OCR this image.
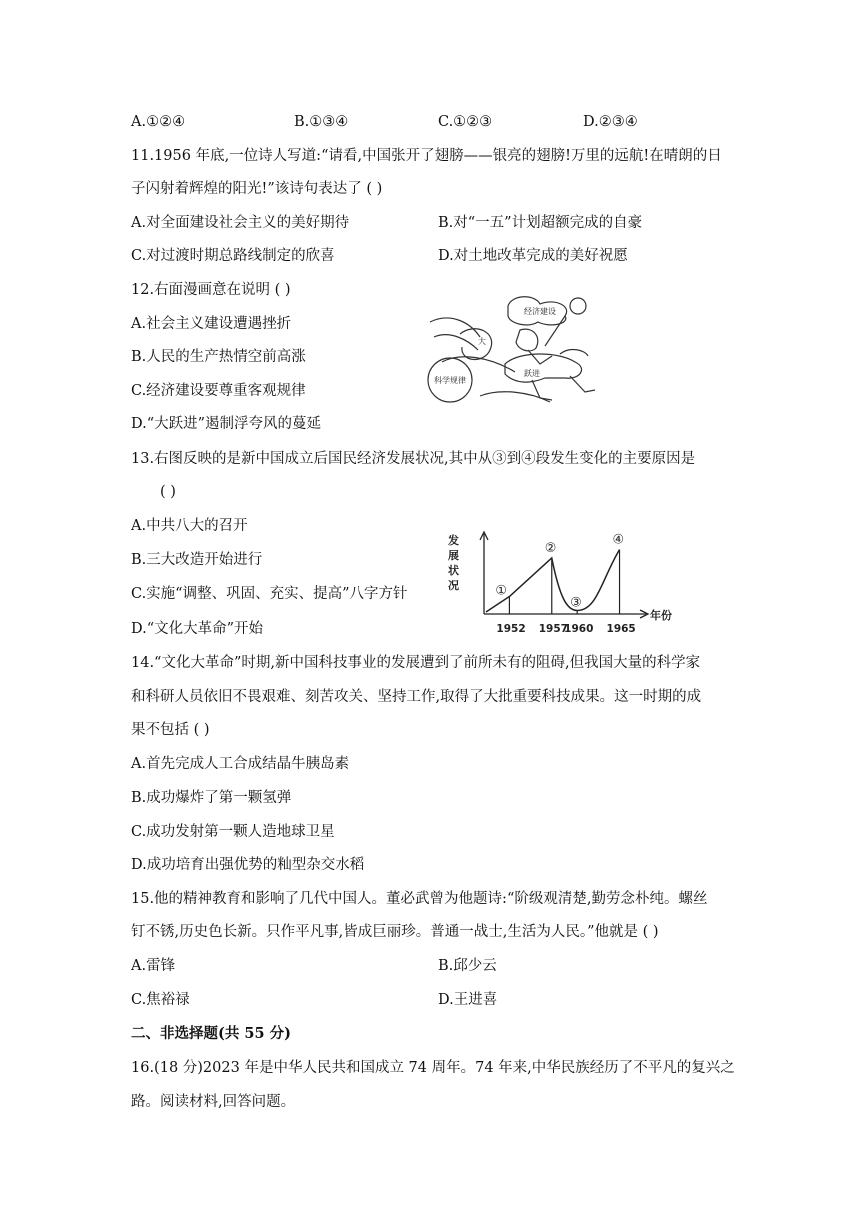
A.①②④	B.①③④	C.①②③	D.②③④
11.1956 年底,一位诗人写道:“请看,中国张开了翅膀——银亮的翅膀!万里的远航!在晴朗的日
子闪射着辉煌的阳光!”该诗句表达了 ( )
A.对全面建设社会主义的美好期待	B.对“一五”计划超额完成的自豪
C.对过渡时期总路线制定的欣喜	D.对土地改革完成的美好祝愿
12.右面漫画意在说明 ( )
A.社会主义建设遭遇挫折
B.人民的生产热情空前高涨
C.经济建设要尊重客观规律
D.“大跃进”遏制浮夸风的蔓延
经济建设
大
跃进
科学规律
13.右图反映的是新中国成立后国民经济发展状况,其中从③到④段发生变化的主要原因是
( )
A.中共八大的召开
B.三大改造开始进行
C.实施“调整、巩固、充实、提高”八字方针
D.“文化大革命”开始
发展状况
年份
①
1952
②
1957
③
1960
④
1965
14.“文化大革命”时期,新中国科技事业的发展遭到了前所未有的阻碍,但我国大量的科学家
和科研人员依旧不畏艰难、刻苦攻关、坚持工作,取得了大批重要科技成果。这一时期的成
果不包括 ( )
A.首先完成人工合成结晶牛胰岛素
B.成功爆炸了第一颗氢弹
C.成功发射第一颗人造地球卫星
D.成功培育出强优势的籼型杂交水稻
15.他的精神教育和影响了几代中国人。董必武曾为他题诗:“阶级观清楚,勤劳念朴纯。螺丝
钉不锈,历史色长新。只作平凡事,皆成巨丽珍。普通一战士,生活为人民。”他就是 ( )
A.雷锋	B.邱少云
C.焦裕禄	D.王进喜
二、非选择题(共 55 分)
16.(18 分)2023 年是中华人民共和国成立 74 周年。74 年来,中华民族经历了不平凡的复兴之
路。阅读材料,回答问题。
